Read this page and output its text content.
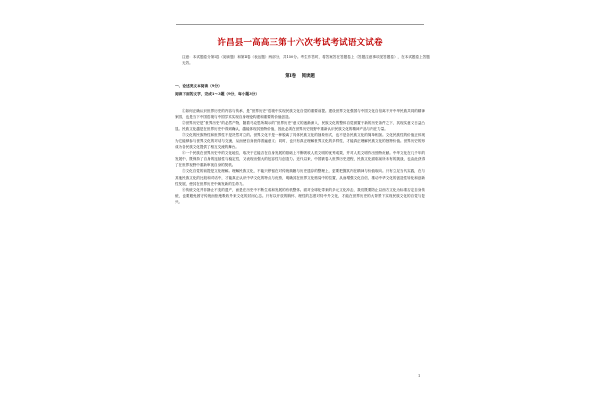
许昌县一高高三第十六次考试考试语文试卷
注意：本试题卷分第Ⅰ卷（阅读题）和第Ⅱ卷（表达题）两部分，共150分。考生作答时，将答案答在答题卷上（答题注意事项见答题卷），在本试题卷上答题无效。
第Ⅰ卷 阅读题
一、论述类文本阅读（9分）
阅读下面的文字，完成1～3题（9分，每小题3分）

①如何正确认识世界历史的内容与传承，是“世界历史”语境中实现民族文化自觉的重要前提。建设世界文化强国与中国文化自信离不开中华民族共同的精神家园，也是当下中国语境与中国学术实现自身理论构建和重要的价值创造。

②世界历史是“世界历史”的必然产物，随着马克思所揭示的“世界历史”意义的逐渐深入，民族文化的整体自觉被置于新的历史条件之下，其现实意义日益凸显。民族文化越是在世界历史中得到确认，越能体现其独特价值，因此必须在世界历史视野中重新认识民族文化的精神产品与内在力量。

③文化的民族特性和世界性不是决然对立的。世界文化不是一种脱离了具体民族文化的抽象形式，也不是各民族文化的简单相加。文化民族性的价值正体现为它能够参与世界文化的对话与交流，从而使自身获得普遍意义；同时，也只有真正理解世界文化的多样性，才能真正理解民族文化的独特价值。世界历史的形成为各民族文化提供了相互交流的舞台。

④一个民族在世界历史中的文化地位，取决于它能否在自身发展的基础上不断吸收人类文明的优秀成果，并对人类文明作出独特贡献。中华文化在几千年的发展中，既保持了自身的连续性与稳定性，又表现出强大的包容性与创造力。近代以来，中国被卷入世界历史进程，民族文化面临前所未有的挑战，也由此获得了在世界视野中重新审视自身的契机。

⑤文化自觉的前提是文化理解。理解民族文化，不能只停留在对传统典籍与历史遗存的整理上，更要把握其内在精神与价值取向。只有立足当代实践，在与其他民族文化的比较和对话中，才能真正认识中华文化的特点与优势，明确其在世界文化格局中的位置，从而增强文化自信，推动中华文化的创造性转化和创新性发展，使其在世界历史中焕发新的生命力。

⑥传统文化并非静止不变的遗产，而是在历史中不断生成和发展的有机整体。面对全球化带来的多元文化冲击，我们既要防止以西方文化为标准否定自身传统，也要避免固守传统而拒绝吸收外来文化的封闭心态。只有以开放的胸怀、理性的态度对待中外文化，才能在世界历史的大背景下实现民族文化的自觉与复兴。

1
